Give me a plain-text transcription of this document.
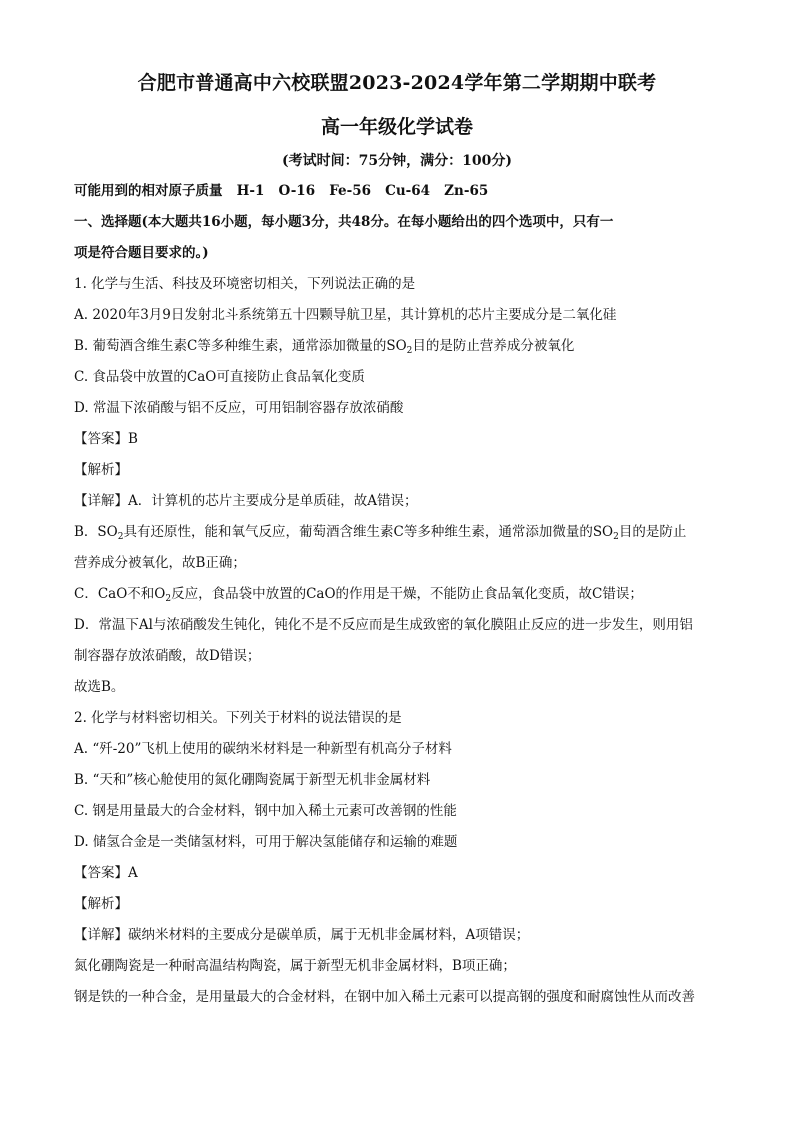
合肥市普通高中六校联盟2023-2024学年第二学期期中联考
高一年级化学试卷
(考试时间：75分钟，满分：100分)
可能用到的相对原子质量   H-1   O-16   Fe-56   Cu-64   Zn-65
一、选择题(本大题共16小题，每小题3分，共48分。在每小题给出的四个选项中，只有一
项是符合题目要求的。)
1. 化学与生活、科技及环境密切相关，下列说法正确的是
A. 2020年3月9日发射北斗系统第五十四颗导航卫星，其计算机的芯片主要成分是二氧化硅
B. 葡萄酒含维生素C等多种维生素，通常添加微量的$SO_2$目的是防止营养成分被氧化
C. 食品袋中放置的CaO可直接防止食品氧化变质
D. 常温下浓硝酸与铝不反应，可用铝制容器存放浓硝酸
【答案】B
【解析】
【详解】A．计算机的芯片主要成分是单质硅，故A错误；
B．$SO_2$具有还原性，能和氧气反应，葡萄酒含维生素C等多种维生素，通常添加微量的$SO_2$目的是防止
营养成分被氧化，故B正确；
C．CaO不和$O_2$反应，食品袋中放置的CaO的作用是干燥，不能防止食品氧化变质，故C错误；
D．常温下Al与浓硝酸发生钝化，钝化不是不反应而是生成致密的氧化膜阻止反应的进一步发生，则用铝
制容器存放浓硝酸，故D错误；
故选B。
2. 化学与材料密切相关。下列关于材料的说法错误的是
A. “歼-20”飞机上使用的碳纳米材料是一种新型有机高分子材料
B. “天和”核心舱使用的氮化硼陶瓷属于新型无机非金属材料
C. 钢是用量最大的合金材料，钢中加入稀土元素可改善钢的性能
D. 储氢合金是一类储氢材料，可用于解决氢能储存和运输的难题
【答案】A
【解析】
【详解】碳纳米材料的主要成分是碳单质，属于无机非金属材料，A项错误；
氮化硼陶瓷是一种耐高温结构陶瓷，属于新型无机非金属材料，B项正确；
钢是铁的一种合金，是用量最大的合金材料，在钢中加入稀土元素可以提高钢的强度和耐腐蚀性从而改善
